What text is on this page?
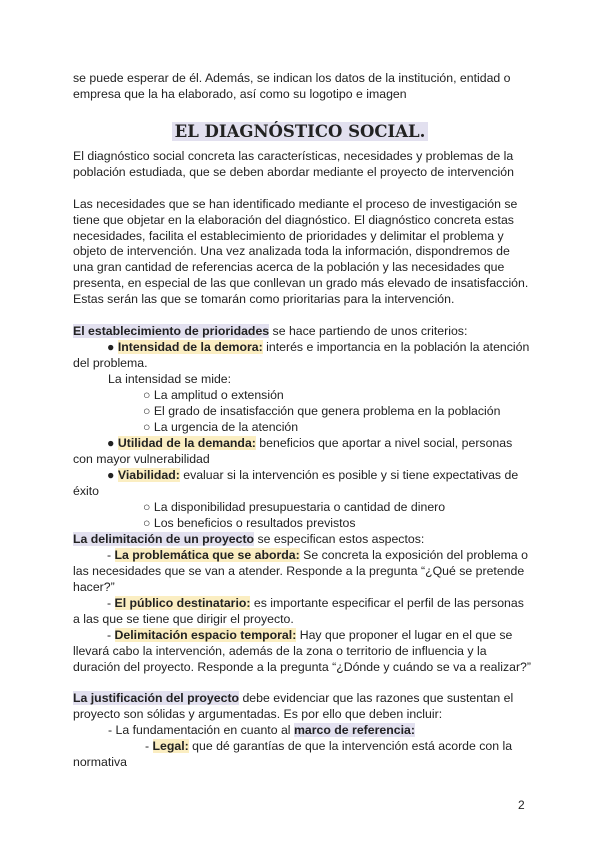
se puede esperar de él. Además, se indican los datos de la institución, entidad o empresa que la ha elaborado, así como su logotipo e imagen

EL DIAGNÓSTICO SOCIAL.

El diagnóstico social concreta las características, necesidades y problemas de la población estudiada, que se deben abordar mediante el proyecto de intervención

Las necesidades que se han identificado mediante el proceso de investigación se tiene que objetar en la elaboración del diagnóstico. El diagnóstico concreta estas necesidades, facilita el establecimiento de prioridades y delimitar el problema y objeto de intervención. Una vez analizada toda la información, dispondremos de una gran cantidad de referencias acerca de la población y las necesidades que presenta, en especial de las que conllevan un grado más elevado de insatisfacción. Estas serán las que se tomarán como prioritarias para la intervención.

El establecimiento de prioridades se hace partiendo de unos criterios:

● Intensidad de la demora: interés e importancia en la población la atención del problema.

La intensidad se mide:

○ La amplitud o extensión

○ El grado de insatisfacción que genera problema en la población

○ La urgencia de la atención

● Utilidad de la demanda: beneficios que aportar a nivel social, personas con mayor vulnerabilidad

● Viabilidad: evaluar si la intervención es posible y si tiene expectativas de éxito

○ La disponibilidad presupuestaria o cantidad de dinero

○ Los beneficios o resultados previstos

La delimitación de un proyecto se especifican estos aspectos:

- La problemática que se aborda: Se concreta la exposición del problema o las necesidades que se van a atender. Responde a la pregunta “¿Qué se pretende hacer?”

- El público destinatario: es importante especificar el perfil de las personas a las que se tiene que dirigir el proyecto.

- Delimitación espacio temporal: Hay que proponer el lugar en el que se llevará cabo la intervención, además de la zona o territorio de influencia y la duración del proyecto. Responde a la pregunta “¿Dónde y cuándo se va a realizar?”

La justificación del proyecto debe evidenciar que las razones que sustentan el proyecto son sólidas y argumentadas. Es por ello que deben incluir:

- La fundamentación en cuanto al marco de referencia:

- Legal: que dé garantías de que la intervención está acorde con la normativa

2
